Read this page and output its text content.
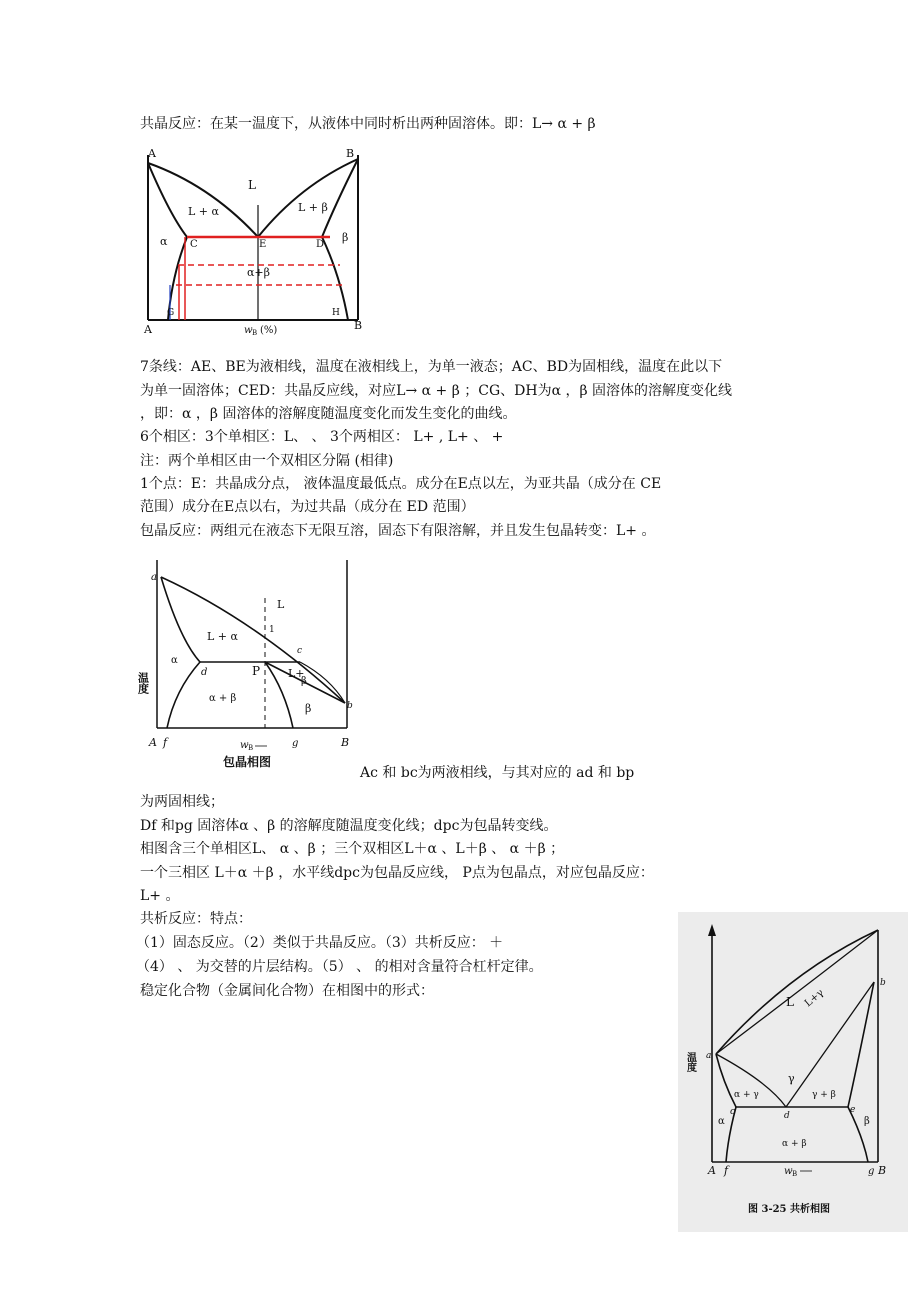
共晶反应：在某一温度下，从液体中同时析出两种固溶体。即：L→ α + β
A	B
L
L + α	L + β
α	β
C	E	D
α+β
G	H
A	B
w B (%)
7条线：AE、BE为液相线，温度在液相线上，为单一液态；AC、BD为固相线，温度在此以下
为单一固溶体；CED：共晶反应线，对应L→ α + β ；CG、DH为α ，β 固溶体的溶解度变化线
，即：α ，β 固溶体的溶解度随温度变化而发生变化的曲线。
6个相区：3个单相区：L、 、 3个两相区： L+ , L+ 、 +
注：两个单相区由一个双相区分隔 (相律)
1个点：E：共晶成分点， 液体温度最低点。成分在E点以左，为亚共晶（成分在 CE
范围）成分在E点以右，为过共晶（成分在 ED 范围）
包晶反应：两组元在液态下无限互溶，固态下有限溶解，并且发生包晶转变：L+ 。
a
L
1
L + α
c
α
d	P	L+
β
α + β
β	b
温度
A f	w B	g	B
包晶相图
Ac 和 bc为两液相线，与其对应的 ad 和 bp
为两固相线；
Df 和pg 固溶体α 、β 的溶解度随温度变化线；dpc为包晶转变线。
相图含三个单相区L、 α 、β ；三个双相区L＋α 、L＋β 、 α ＋β ；
一个三相区 L＋α ＋β ，水平线dpc为包晶反应线， P点为包晶点，对应包晶反应：
L+ 。
共析反应：特点：
（1）固态反应。（2）类似于共晶反应。（3）共析反应： ＋
（4） 、 为交替的片层结构。（5） 、 的相对含量符合杠杆定律。
稳定化合物（金属间化合物）在相图中的形式：
L L+γ
b
温度 a
γ
α + γ	γ + β
α
c	d
e
β
α + β
A f	w B	g B
图 3-25 共析相图
